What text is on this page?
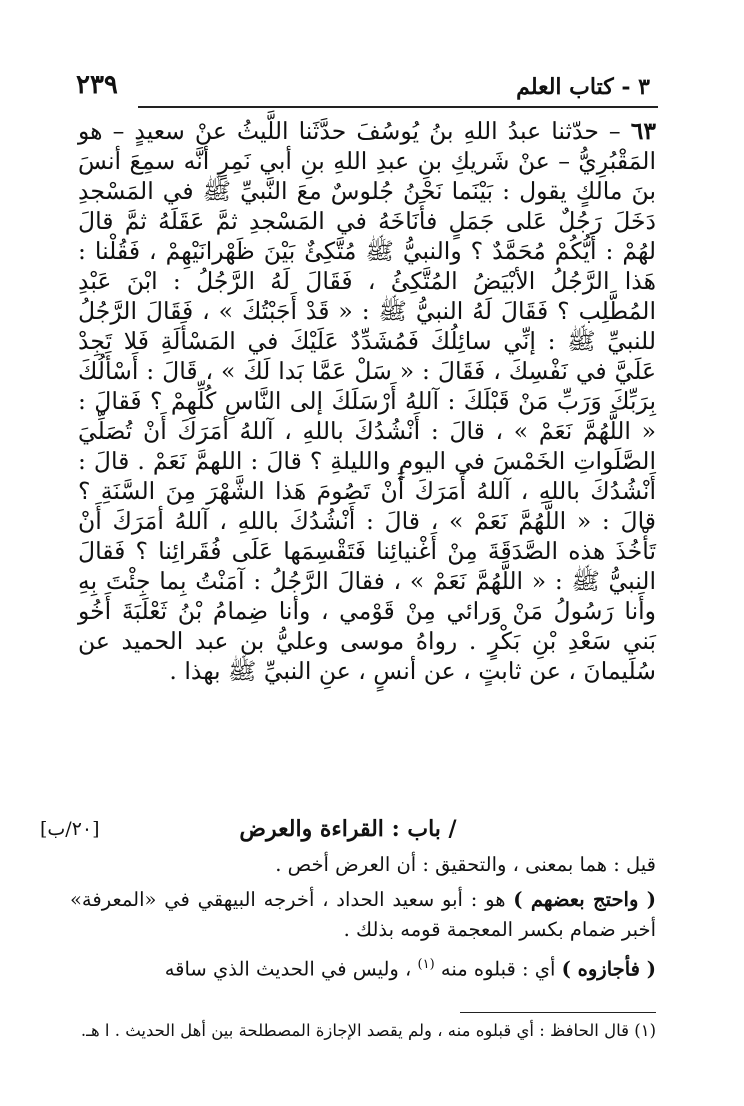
٣ - كتاب العلم
٢٣٩
٦٣ – حدّثنا عبدُ اللهِ بنُ يُوسُفَ حدَّثَنا اللَّيثُ عنْ سعيدٍ – هو المَقْبُرِيُّ – عنْ شَريكِ بنِ عبدِ اللهِ بنِ أبي نَمِرٍ أنَّه سمِعَ أنسَ بنَ مالكٍ يقول : بَيْنَما نَحْنُ جُلوسٌ معَ النَّبيِّ ﷺ في المَسْجدِ دَخَلَ رَجُلٌ عَلى جَمَلٍ فأَنَاخَهُ في المَسْجدِ ثمَّ عَقَلَهُ ثمَّ قالَ لهُمْ : أيُّكُمْ مُحَمَّدٌ ؟ والنبيُّ ﷺ مُتَّكِئٌ بَيْنَ ظَهْرانَيْهِمْ ، فَقُلْنا : هَذا الرَّجُلُ الأبْيَضُ المُتَّكِئُ ، فَقَالَ لَهُ الرَّجُلُ : ابْنَ عَبْدِ المُطَّلِب ؟ فَقَالَ لَهُ النبيُّ ﷺ : « قَدْ أَجَبْتُكَ » ، فَقَالَ الرَّجُلُ للنبيِّ ﷺ : إنِّي سائِلُكَ فَمُشَدِّدٌ عَلَيْكَ في المَسْأَلَةِ فَلا تَجِدْ عَلَيَّ في نَفْسِكَ ، فَقَالَ : « سَلْ عَمَّا بَدا لَكَ » ، قَالَ : أَسْأَلُكَ بِرَبِّكَ وَرَبِّ مَنْ قَبْلَكَ : آللهُ أَرْسَلَكَ إلى النَّاسِ كُلِّهِمْ ؟ فَقالَ : « اللَّهُمَّ نَعَمْ » ، قالَ : أَنْشُدُكَ باللهِ ، آللهُ أمَرَكَ أَنْ تُصَلِّيَ الصَّلَواتِ الخَمْسَ في اليومِ والليلةِ ؟ قالَ : اللهمَّ نَعَمْ . قالَ : أَنْشُدُكَ باللهِ ، آللهُ أَمَرَكَ أَنْ تَصُومَ هَذا الشَّهْرَ مِنَ السَّنَةِ ؟ قالَ : « اللَّهُمَّ نَعَمْ » ، قالَ : أَنْشُدُكَ باللهِ ، آللهُ أمَرَكَ أَنْ تَأْخُذَ هذه الصَّدَقَةَ مِنْ أَغْنيائِنا فَتَقْسِمَها عَلَى فُقَرائِنا ؟ فَقالَ النبيُّ ﷺ : « اللَّهُمَّ نَعَمْ » ، فقالَ الرَّجُلُ : آمَنْتُ بِما جِئْتَ بِهِ وأَنا رَسُولُ مَنْ وَرائي مِنْ قَوْمي ، وأنا ضِمامُ بْنُ ثَعْلَبَةَ أَخُو بَني سَعْدِ بْنِ بَكْرٍ . رواهُ موسى وعليُّ بن عبد الحميد عن سُلَيمانَ ، عن ثابتٍ ، عن أنسٍ ، عنِ النبيِّ ﷺ بهذا .
/ باب : القراءة والعرض
[٢٠/ب]

قيل : هما بمعنى ، والتحقيق : أن العرض أخص .

( واحتج بعضهم ) هو : أبو سعيد الحداد ، أخرجه البيهقي في «المعرفة» أخبر ضمام بكسر المعجمة قومه بذلك .

( فأجازوه ) أي : قبلوه منه $^{(١)}$ ، وليس في الحديث الذي ساقه

(١) قال الحافظ : أي قبلوه منه ، ولم يقصد الإجازة المصطلحة بين أهل الحديث . ا هـ.
